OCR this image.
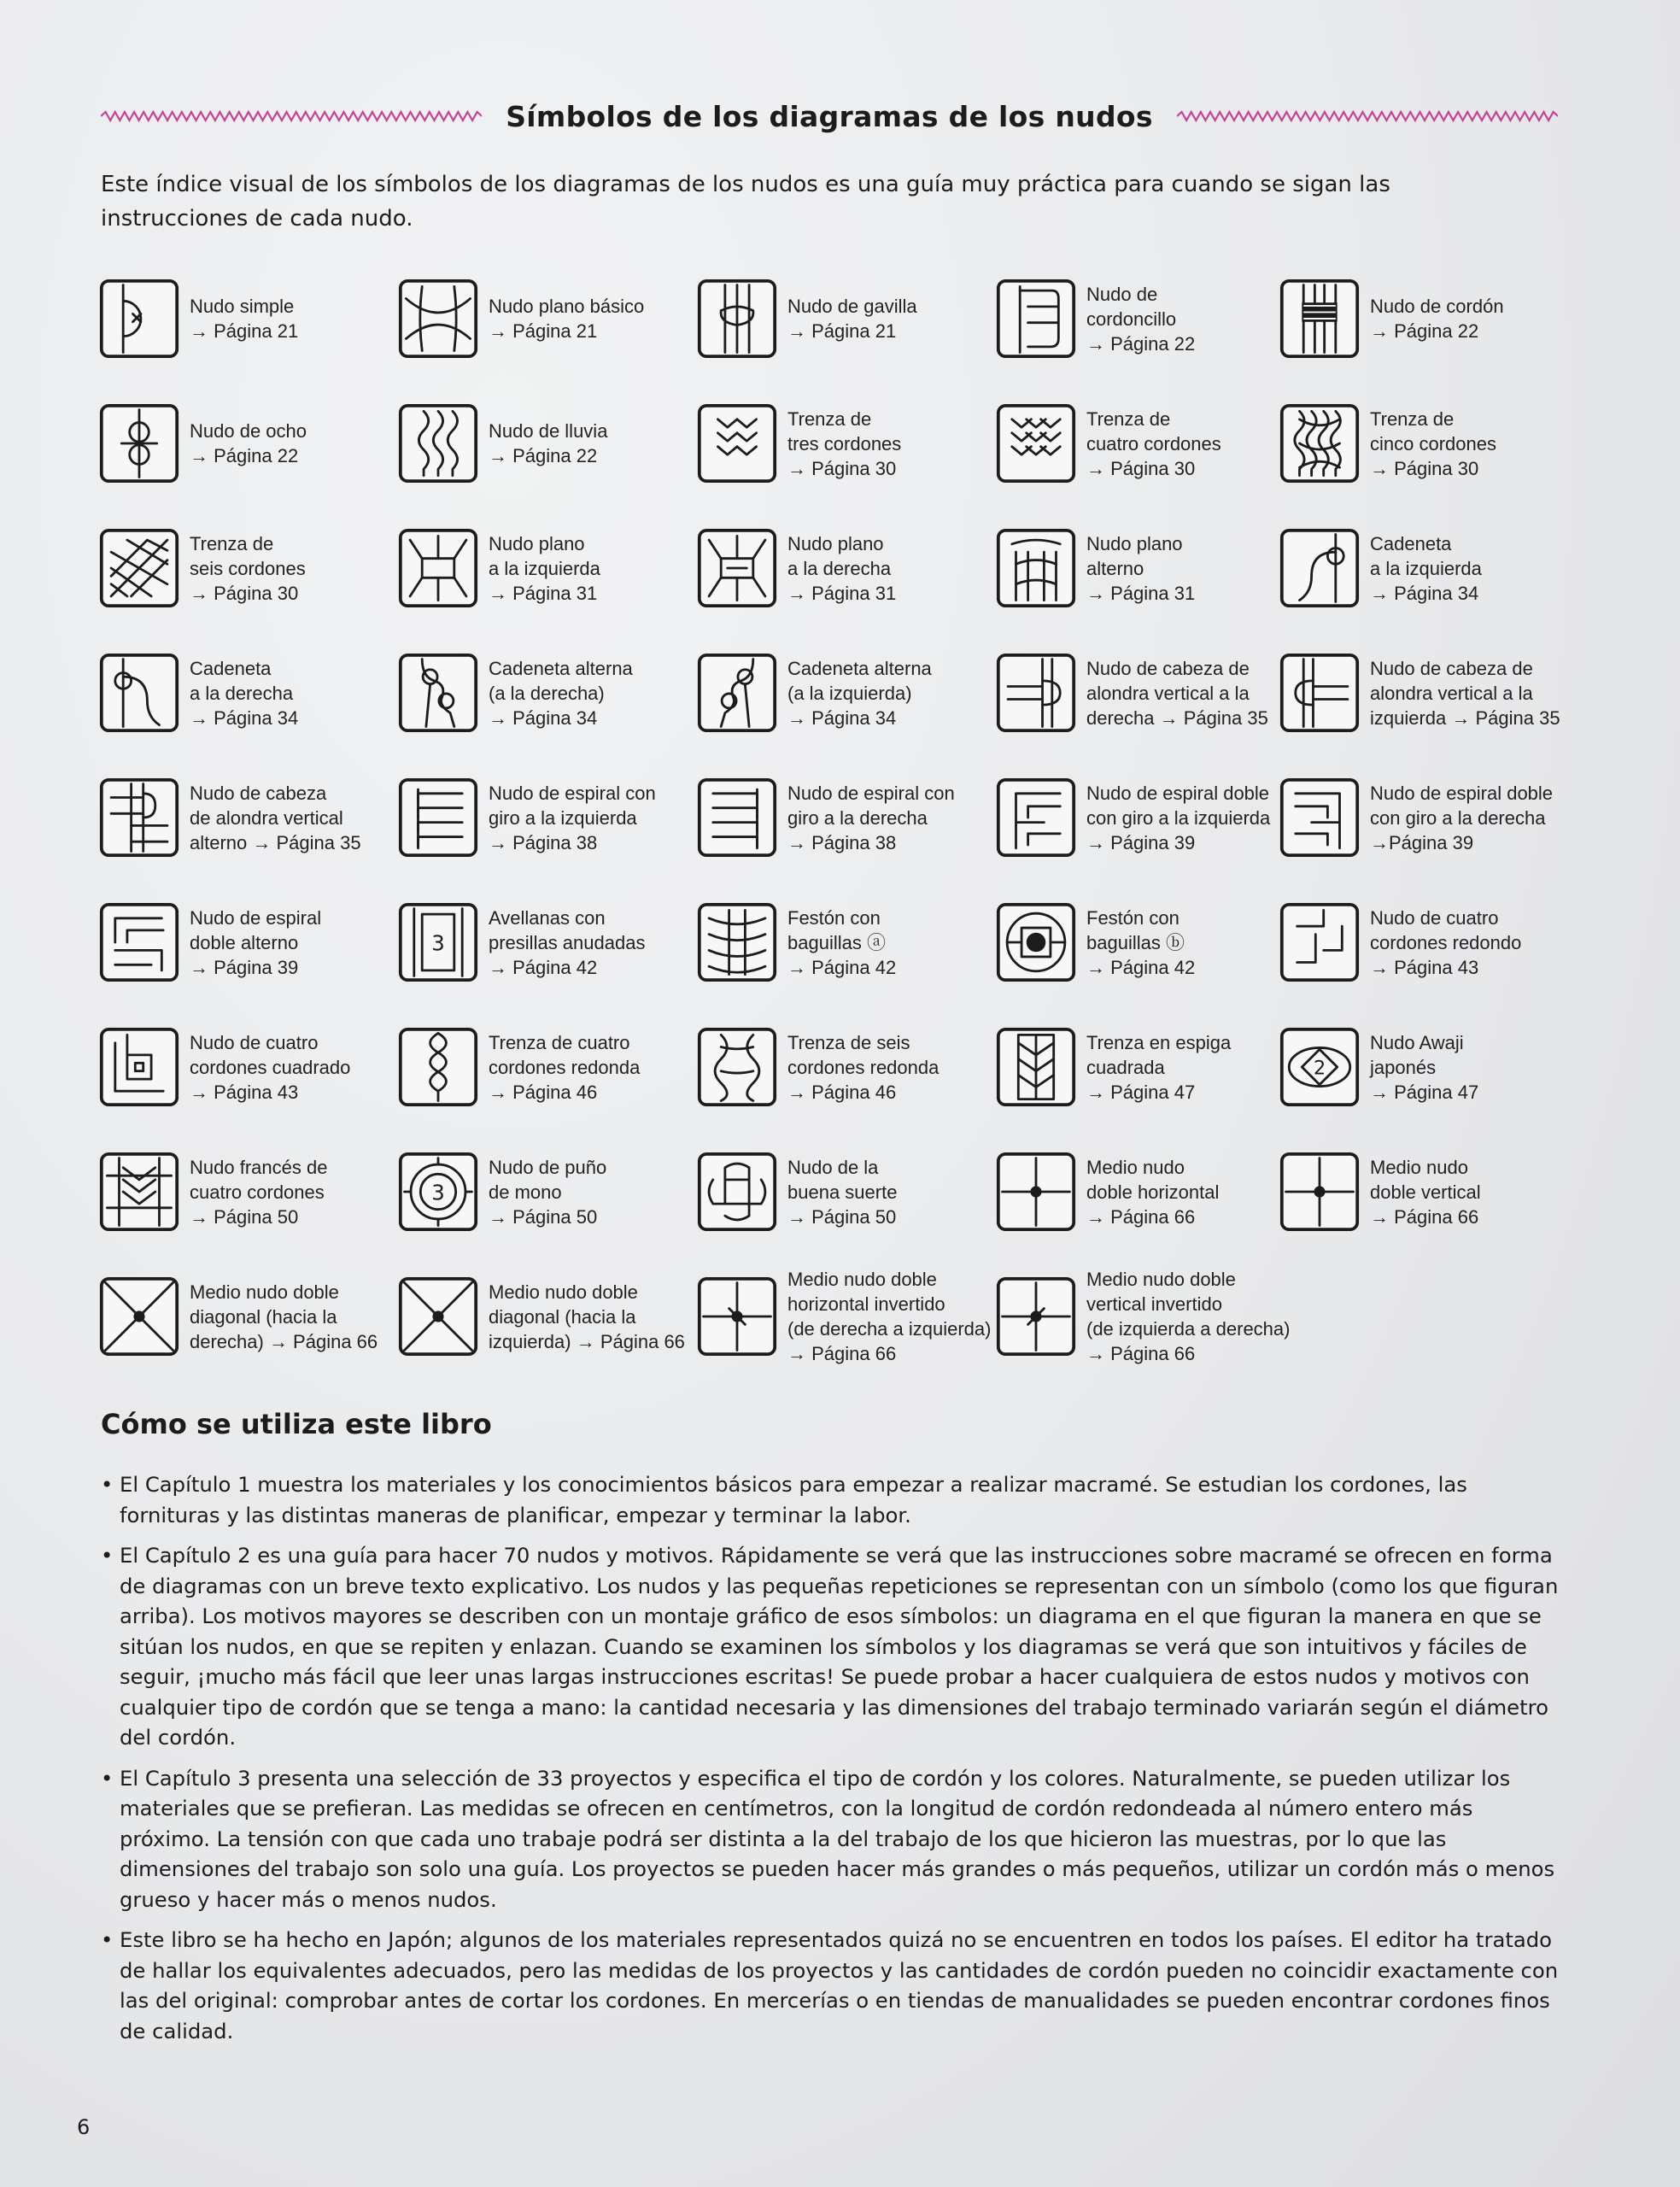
Símbolos de los diagramas de los nudos
Este índice visual de los símbolos de los diagramas de los nudos es una guía muy práctica para cuando se sigan las instrucciones de cada nudo.
Nudo simple
→ Página 21
Nudo plano básico
→ Página 21
Nudo de gavilla
→ Página 21
Nudo de
cordoncillo
→ Página 22
Nudo de cordón
→ Página 22
Nudo de ocho
→ Página 22
Nudo de lluvia
→ Página 22
Trenza de
tres cordones
→ Página 30
Trenza de
cuatro cordones
→ Página 30
Trenza de
cinco cordones
→ Página 30
Trenza de
seis cordones
→ Página 30
Nudo plano
a la izquierda
→ Página 31
Nudo plano
a la derecha
→ Página 31
Nudo plano
alterno
→ Página 31
Cadeneta
a la izquierda
→ Página 34
Cadeneta
a la derecha
→ Página 34
Cadeneta alterna
(a la derecha)
→ Página 34
Cadeneta alterna
(a la izquierda)
→ Página 34
Nudo de cabeza de
alondra vertical a la
derecha → Página 35
Nudo de cabeza de
alondra vertical a la
izquierda → Página 35
Nudo de cabeza
de alondra vertical
alterno → Página 35
Nudo de espiral con
giro a la izquierda
→ Página 38
Nudo de espiral con
giro a la derecha
→ Página 38
Nudo de espiral doble
con giro a la izquierda
→ Página 39
Nudo de espiral doble
con giro a la derecha
→Página 39
Nudo de espiral
doble alterno
→ Página 39
3
Avellanas con
presillas anudadas
→ Página 42
Festón con
baguillas ⓐ
→ Página 42
Festón con
baguillas ⓑ
→ Página 42
Nudo de cuatro
cordones redondo
→ Página 43
Nudo de cuatro
cordones cuadrado
→ Página 43
Trenza de cuatro
cordones redonda
→ Página 46
Trenza de seis
cordones redonda
→ Página 46
Trenza en espiga
cuadrada
→ Página 47
2
Nudo Awaji
japonés
→ Página 47
Nudo francés de
cuatro cordones
→ Página 50
3
Nudo de puño
de mono
→ Página 50
Nudo de la
buena suerte
→ Página 50
Medio nudo
doble horizontal
→ Página 66
Medio nudo
doble vertical
→ Página 66
Medio nudo doble
diagonal (hacia la
derecha) → Página 66
Medio nudo doble
diagonal (hacia la
izquierda) → Página 66
Medio nudo doble
horizontal invertido
(de derecha a izquierda)
→ Página 66
Medio nudo doble
vertical invertido
(de izquierda a derecha)
→ Página 66
Cómo se utiliza este libro
• El Capítulo 1 muestra los materiales y los conocimientos básicos para empezar a realizar macramé. Se estudian los cordones, las fornituras y las distintas maneras de planificar, empezar y terminar la labor.
• El Capítulo 2 es una guía para hacer 70 nudos y motivos. Rápidamente se verá que las instrucciones sobre macramé se ofrecen en forma de diagramas con un breve texto explicativo. Los nudos y las pequeñas repeticiones se representan con un símbolo (como los que figuran arriba). Los motivos mayores se describen con un montaje gráfico de esos símbolos: un diagrama en el que figuran la manera en que se sitúan los nudos, en que se repiten y enlazan. Cuando se examinen los símbolos y los diagramas se verá que son intuitivos y fáciles de seguir, ¡mucho más fácil que leer unas largas instrucciones escritas! Se puede probar a hacer cualquiera de estos nudos y motivos con cualquier tipo de cordón que se tenga a mano: la cantidad necesaria y las dimensiones del trabajo terminado variarán según el diámetro del cordón.
• El Capítulo 3 presenta una selección de 33 proyectos y especifica el tipo de cordón y los colores. Naturalmente, se pueden utilizar los materiales que se prefieran. Las medidas se ofrecen en centímetros, con la longitud de cordón redondeada al número entero más próximo. La tensión con que cada uno trabaje podrá ser distinta a la del trabajo de los que hicieron las muestras, por lo que las dimensiones del trabajo son solo una guía. Los proyectos se pueden hacer más grandes o más pequeños, utilizar un cordón más o menos grueso y hacer más o menos nudos.
• Este libro se ha hecho en Japón; algunos de los materiales representados quizá no se encuentren en todos los países. El editor ha tratado de hallar los equivalentes adecuados, pero las medidas de los proyectos y las cantidades de cordón pueden no coincidir exactamente con las del original: comprobar antes de cortar los cordones. En mercerías o en tiendas de manualidades se pueden encontrar cordones finos de calidad.
6
